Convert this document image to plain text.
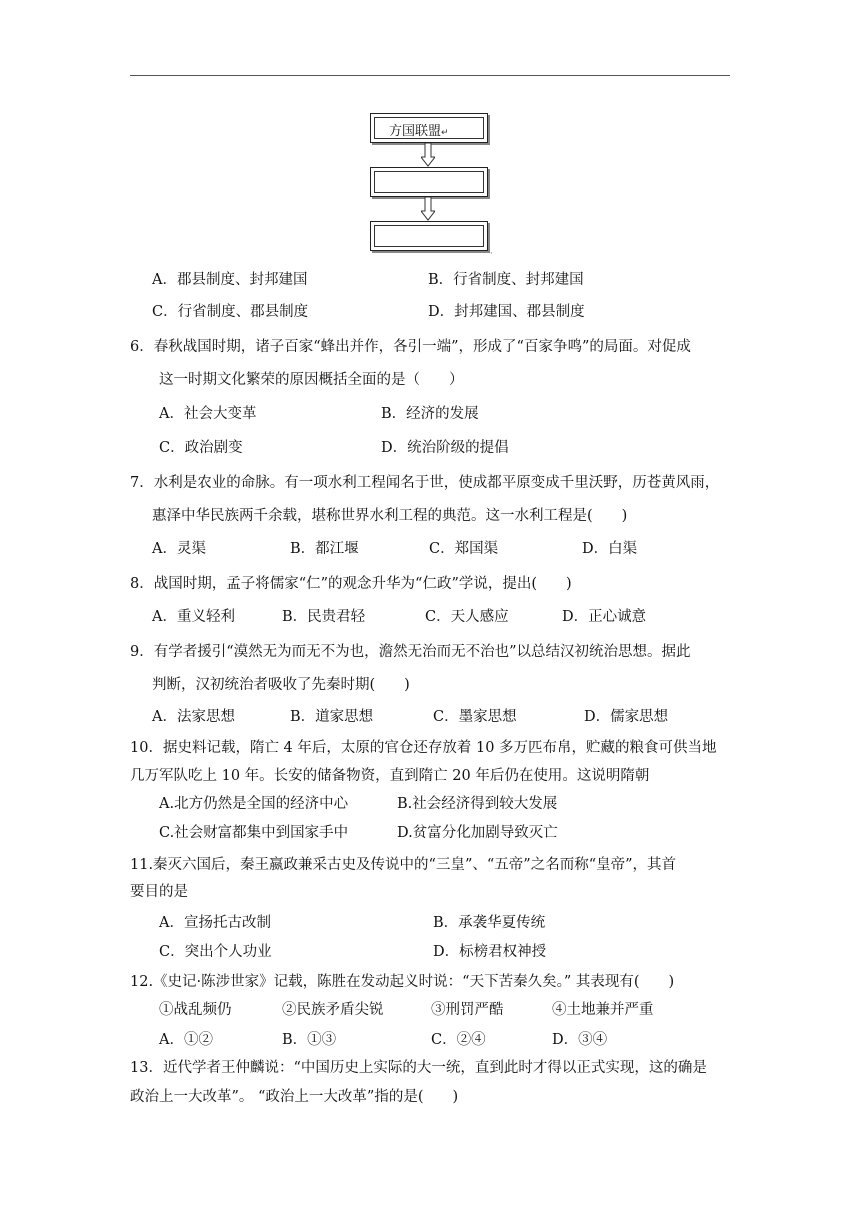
方国联盟↵
·
A．郡县制度、封邦建国	B．行省制度、封邦建国
C．行省制度、郡县制度	D．封邦建国、郡县制度
6．春秋战国时期，诸子百家“蜂出并作，各引一端”，形成了“百家争鸣”的局面。对促成
这一时期文化繁荣的原因概括全面的是（　　）
A．社会大变革	B．经济的发展
C．政治剧变	D．统治阶级的提倡
7．水利是农业的命脉。有一项水利工程闻名于世，使成都平原变成千里沃野，历苍黄风雨，
惠泽中华民族两千余载，堪称世界水利工程的典范。这一水利工程是(　　)
A．灵渠	B．都江堰	C．郑国渠	D．白渠
8．战国时期，孟子将儒家“仁”的观念升华为“仁政”学说，提出(　　)
A．重义轻利	B．民贵君轻	C．天人感应	D．正心诚意
9．有学者援引“漠然无为而无不为也，澹然无治而无不治也”以总结汉初统治思想。据此
判断，汉初统治者吸收了先秦时期(　　)
A．法家思想	B．道家思想	C．墨家思想	D．儒家思想
10．据史料记载，隋亡 4 年后，太原的官仓还存放着 10 多万匹布帛，贮藏的粮食可供当地
几万军队吃上 10 年。长安的储备物资，直到隋亡 20 年后仍在使用。这说明隋朝
A.北方仍然是全国的经济中心	B.社会经济得到较大发展
C.社会财富都集中到国家手中	D.贫富分化加剧导致灭亡
11.秦灭六国后，秦王嬴政兼采古史及传说中的“三皇”、“五帝”之名而称“皇帝”，其首
要目的是
A．宣扬托古改制	B．承袭华夏传统
C．突出个人功业	D．标榜君权神授
12.《史记·陈涉世家》记载，陈胜在发动起义时说：“天下苦秦久矣。” 其表现有(　　)
①战乱频仍	②民族矛盾尖锐	③刑罚严酷	④土地兼并严重
A．①②	B．①③	C．②④	D．③④
13．近代学者王仲麟说：“中国历史上实际的大一统，直到此时才得以正式实现，这的确是
政治上一大改革”。 “政治上一大改革”指的是(　　)
